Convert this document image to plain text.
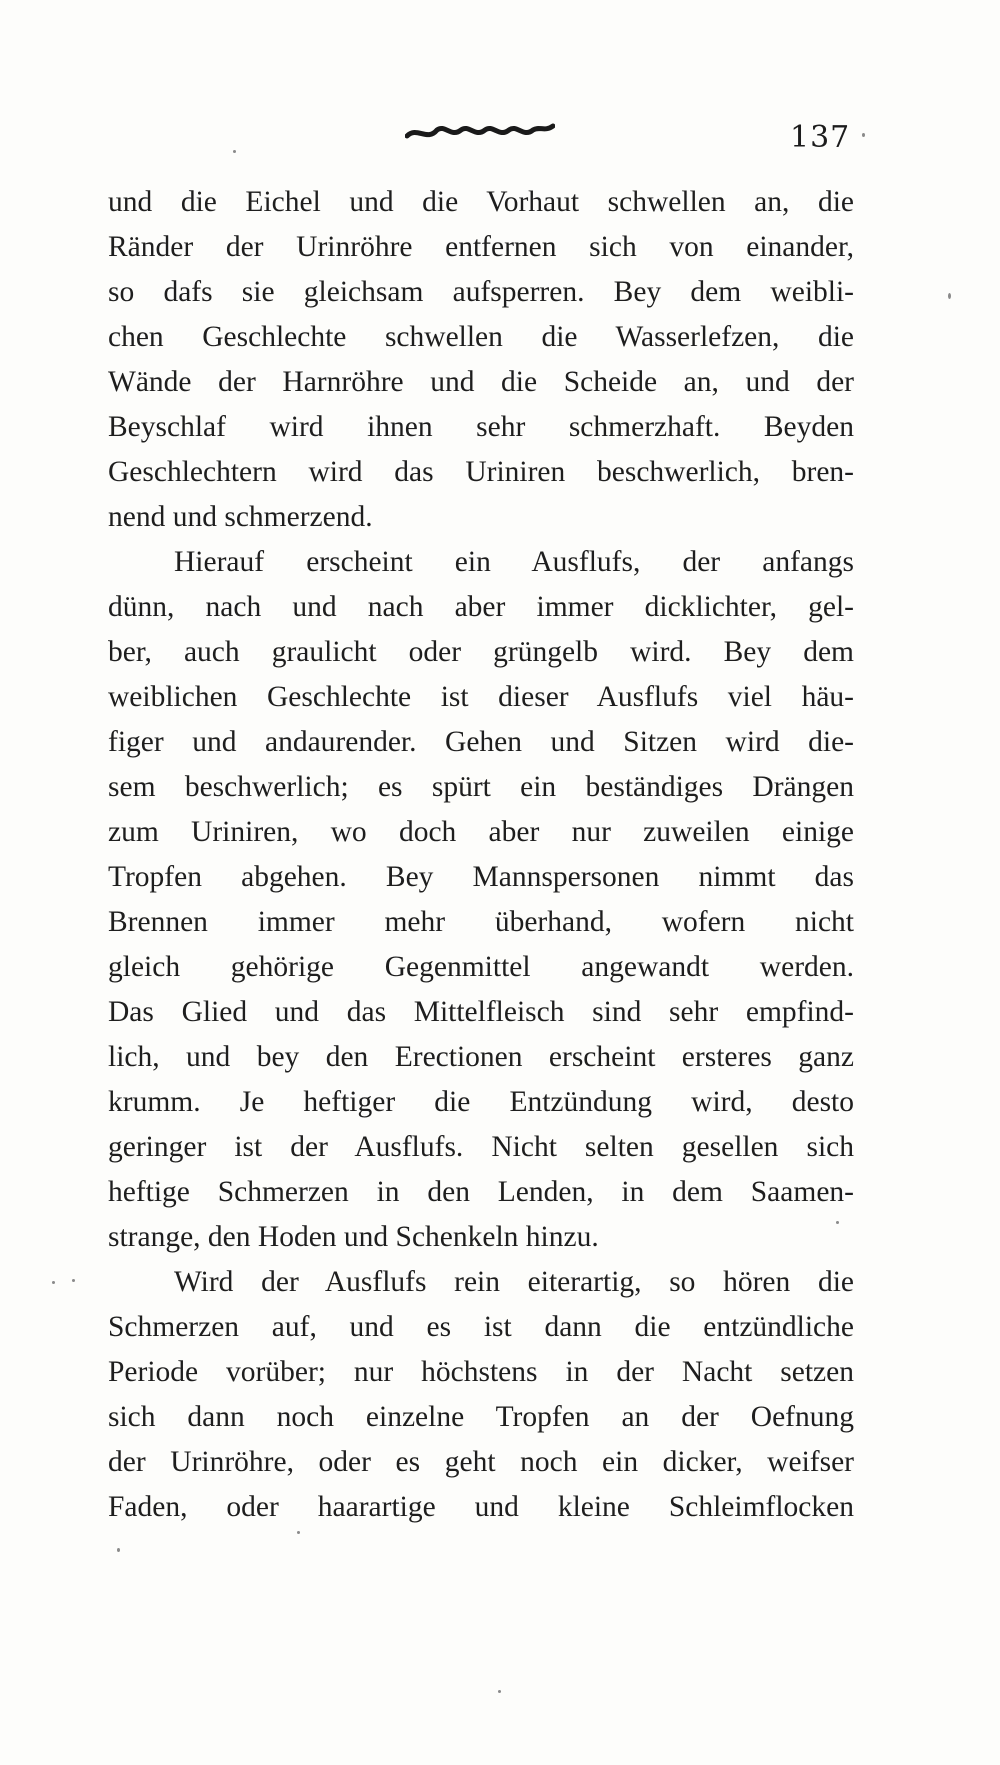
137
und die Eichel und die Vorhaut schwellen an, die
Ränder der Urinröhre entfernen sich von einander,
so dafs sie gleichsam aufsperren. Bey dem weibli-
chen Geschlechte schwellen die Wasserlefzen, die
Wände der Harnröhre und die Scheide an, und der
Beyschlaf wird ihnen sehr schmerzhaft. Beyden
Geschlechtern wird das Uriniren beschwerlich, bren-
nend und schmerzend.
Hierauf erscheint ein Ausflufs, der anfangs
dünn, nach und nach aber immer dicklichter, gel-
ber, auch graulicht oder grüngelb wird. Bey dem
weiblichen Geschlechte ist dieser Ausflufs viel häu-
figer und andaurender. Gehen und Sitzen wird die-
sem beschwerlich; es spürt ein beständiges Drängen
zum Uriniren, wo doch aber nur zuweilen einige
Tropfen abgehen. Bey Mannspersonen nimmt das
Brennen immer mehr überhand, wofern nicht
gleich gehörige Gegenmittel angewandt werden.
Das Glied und das Mittelfleisch sind sehr empfind-
lich, und bey den Erectionen erscheint ersteres ganz
krumm. Je heftiger die Entzündung wird, desto
geringer ist der Ausflufs. Nicht selten gesellen sich
heftige Schmerzen in den Lenden, in dem Saamen-
strange, den Hoden und Schenkeln hinzu.
Wird der Ausflufs rein eiterartig, so hören die
Schmerzen auf, und es ist dann die entzündliche
Periode vorüber; nur höchstens in der Nacht setzen
sich dann noch einzelne Tropfen an der Oefnung
der Urinröhre, oder es geht noch ein dicker, weifser
Faden, oder haarartige und kleine Schleimflocken
